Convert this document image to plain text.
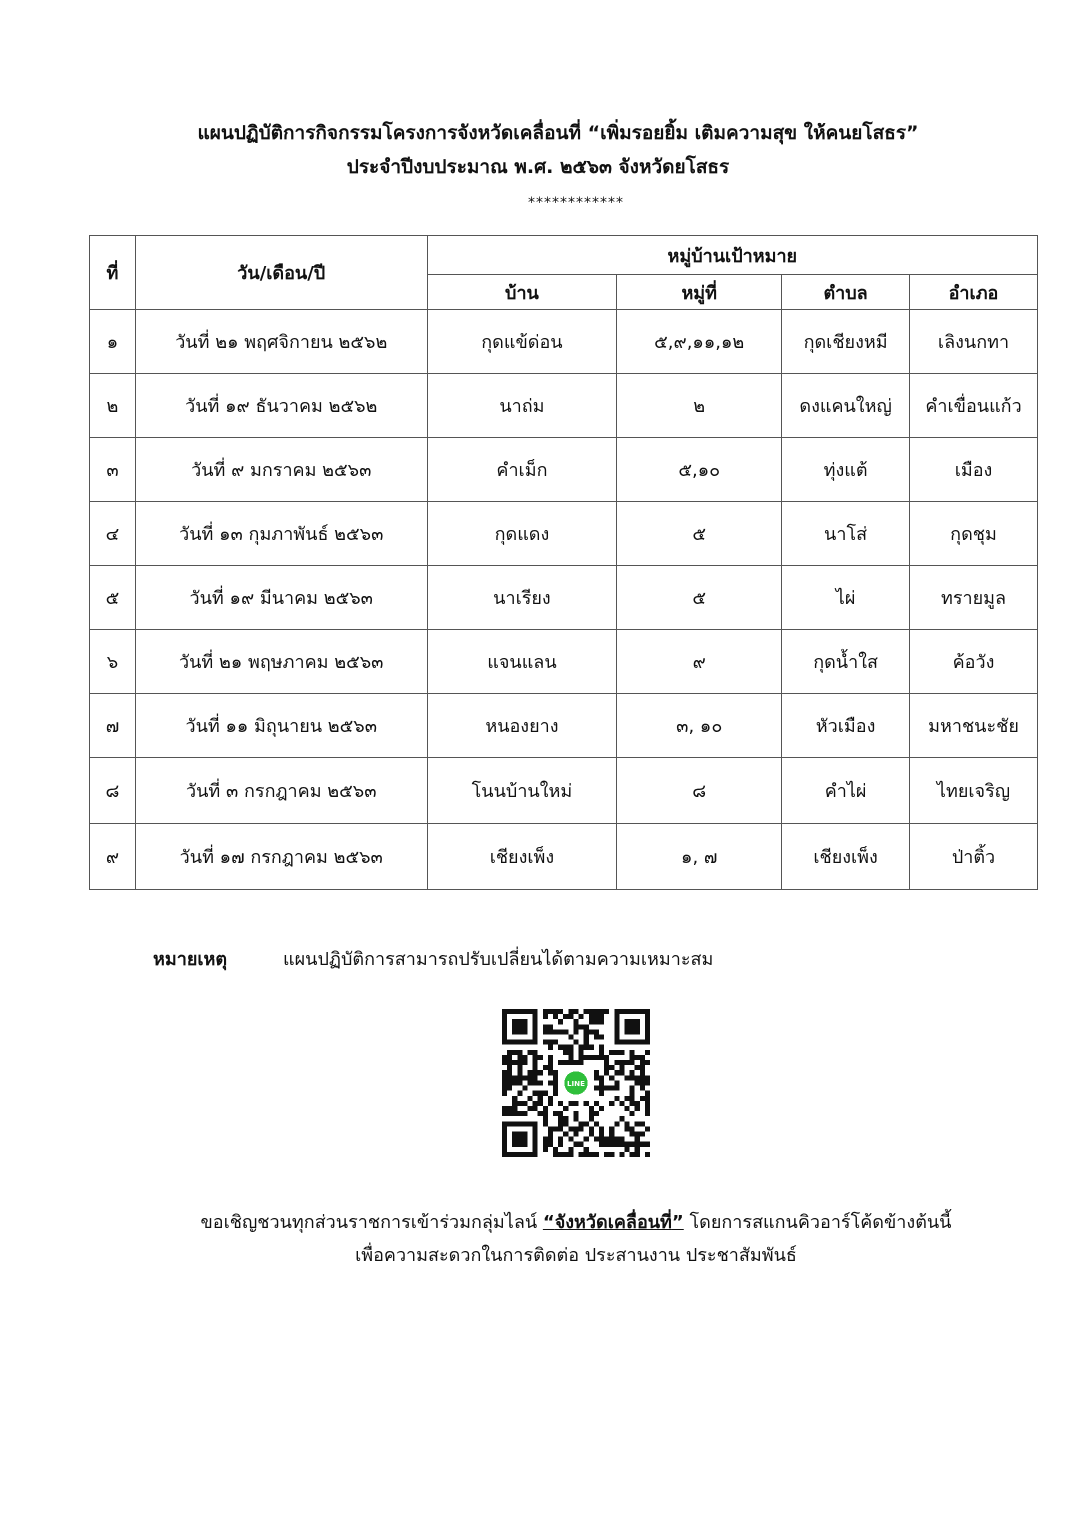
แผนปฏิบัติการกิจกรรมโครงการจังหวัดเคลื่อนที่ “เพิ่มรอยยิ้ม เติมความสุข ให้คนยโสธร”
ประจำปีงบประมาณ พ.ศ. ๒๕๖๓ จังหวัดยโสธร
************
ที่	วัน/เดือน/ปี	หมู่บ้านเป้าหมาย			
		บ้าน	หมู่ที่	ตำบล	อำเภอ
๑	วันที่ ๒๑ พฤศจิกายน ๒๕๖๒	กุดแข้ด่อน	๕,๙,๑๑,๑๒	กุดเชียงหมี	เลิงนกทา
๒	วันที่ ๑๙ ธันวาคม ๒๕๖๒	นาถ่ม	๒	ดงแคนใหญ่	คำเขื่อนแก้ว
๓	วันที่ ๙ มกราคม ๒๕๖๓	คำเม็ก	๕,๑๐	ทุ่งแต้	เมือง
๔	วันที่ ๑๓ กุมภาพันธ์ ๒๕๖๓	กุดแดง	๕	นาโส่	กุดชุม
๕	วันที่ ๑๙ มีนาคม ๒๕๖๓	นาเรียง	๕	ไผ่	ทรายมูล
๖	วันที่ ๒๑ พฤษภาคม ๒๕๖๓	แจนแลน	๙	กุดน้ำใส	ค้อวัง
๗	วันที่ ๑๑ มิถุนายน ๒๕๖๓	หนองยาง	๓, ๑๐	หัวเมือง	มหาชนะชัย
๘	วันที่ ๓ กรกฎาคม ๒๕๖๓	โนนบ้านใหม่	๘	คำไผ่	ไทยเจริญ
๙	วันที่ ๑๗ กรกฎาคม ๒๕๖๓	เชียงเพ็ง	๑, ๗	เชียงเพ็ง	ป่าติ้ว
หมายเหตุ	แผนปฏิบัติการสามารถปรับเปลี่ยนได้ตามความเหมาะสม
LINE
ขอเชิญชวนทุกส่วนราชการเข้าร่วมกลุ่มไลน์ “จังหวัดเคลื่อนที่” โดยการสแกนคิวอาร์โค้ดข้างต้นนี้
เพื่อความสะดวกในการติดต่อ ประสานงาน ประชาสัมพันธ์
